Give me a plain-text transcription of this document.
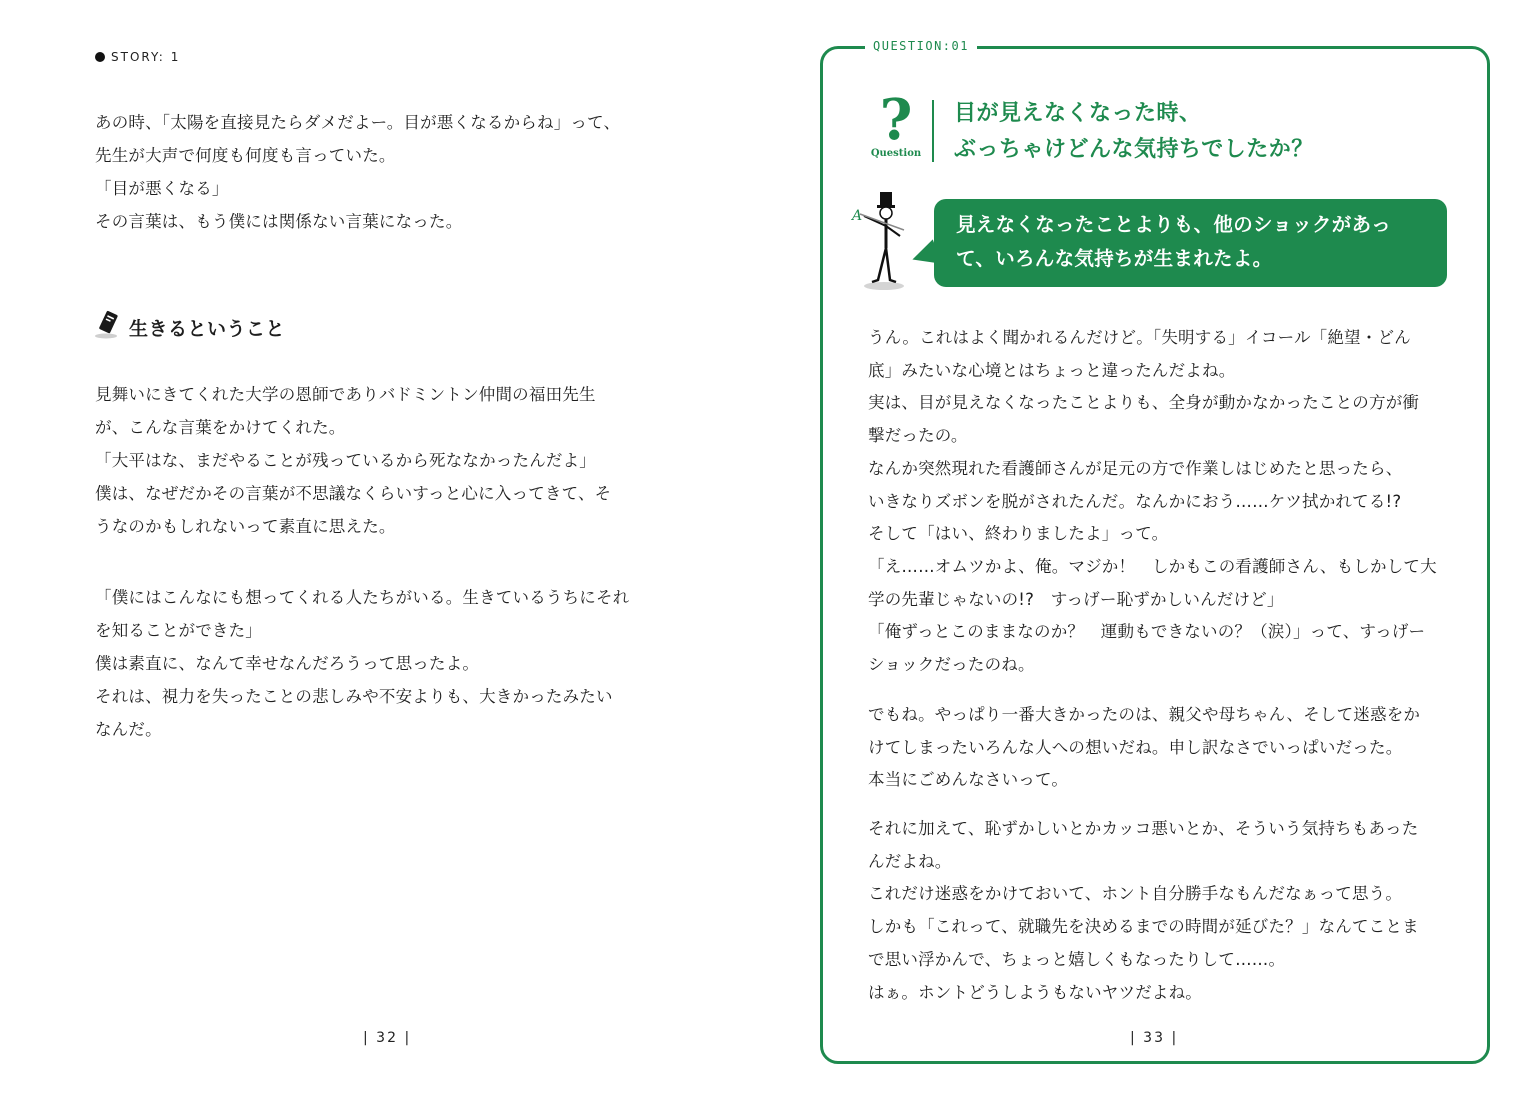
STORY: 1
あの時、「太陽を直接見たらダメだよー。目が悪くなるからね」って、
先生が大声で何度も何度も言っていた。
「目が悪くなる」
その言葉は、もう僕には関係ない言葉になった。
生きるということ
見舞いにきてくれた大学の恩師でありバドミントン仲間の福田先生
が、こんな言葉をかけてくれた。
「大平はな、まだやることが残っているから死ななかったんだよ」
僕は、なぜだかその言葉が不思議なくらいすっと心に入ってきて、そ
うなのかもしれないって素直に思えた。
「僕にはこんなにも想ってくれる人たちがいる。生きているうちにそれ
を知ることができた」
僕は素直に、なんて幸せなんだろうって思ったよ。
それは、視力を失ったことの悲しみや不安よりも、大きかったみたい
なんだ。
| 32 |
QUESTION:01
?
Question
目が見えなくなった時、
ぶっちゃけどんな気持ちでしたか？
A	見えなくなったことよりも、他のショックがあっ
て、いろんな気持ちが生まれたよ。
うん。これはよく聞かれるんだけど。「失明する」イコール「絶望・どん
底」みたいな心境とはちょっと違ったんだよね。
実は、目が見えなくなったことよりも、全身が動かなかったことの方が衝
撃だったの。
なんか突然現れた看護師さんが足元の方で作業しはじめたと思ったら、
いきなりズボンを脱がされたんだ。なんかにおう……ケツ拭かれてる!?
そして「はい、終わりましたよ」って。
「え……オムツかよ、俺。マジか！　しかもこの看護師さん、もしかして大
学の先輩じゃないの!?　すっげー恥ずかしいんだけど」
「俺ずっとこのままなのか？　運動もできないの？（涙）」って、すっげー
ショックだったのね。
でもね。やっぱり一番大きかったのは、親父や母ちゃん、そして迷惑をか
けてしまったいろんな人への想いだね。申し訳なさでいっぱいだった。
本当にごめんなさいって。
それに加えて、恥ずかしいとかカッコ悪いとか、そういう気持ちもあった
んだよね。
これだけ迷惑をかけておいて、ホント自分勝手なもんだなぁって思う。
しかも「これって、就職先を決めるまでの時間が延びた？」なんてことま
で思い浮かんで、ちょっと嬉しくもなったりして……。
はぁ。ホントどうしようもないヤツだよね。
| 33 |
